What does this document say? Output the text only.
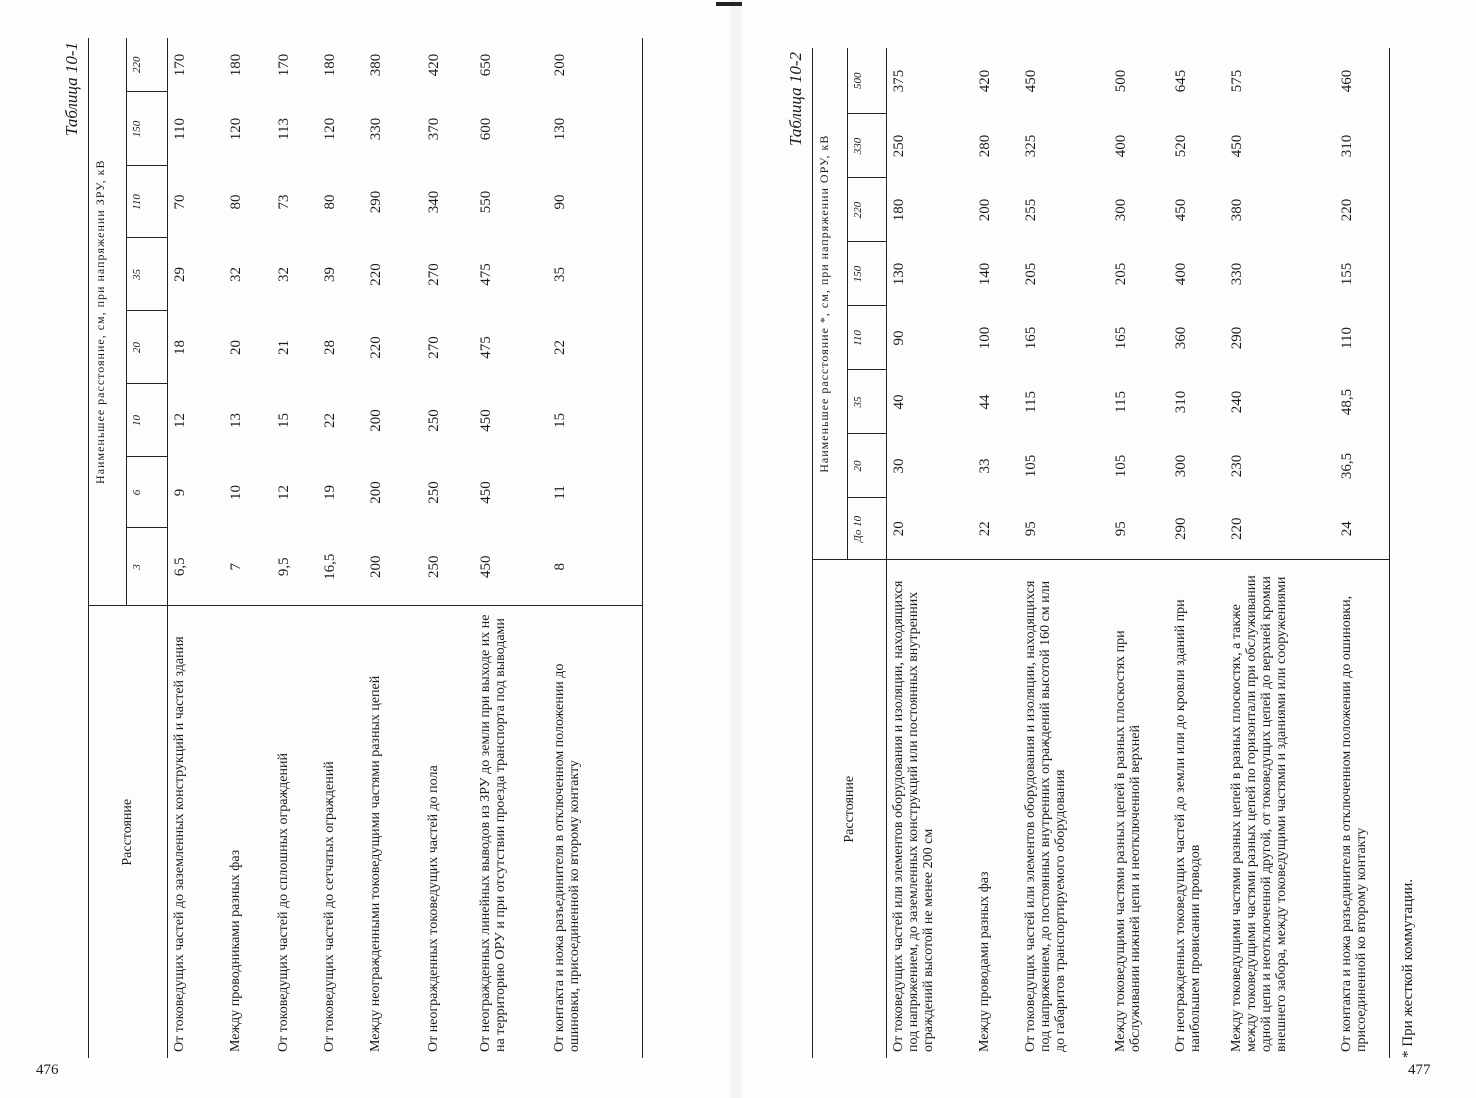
476
Таблица 10-1
Расстояние	Наименьшее расстояние, см, при напряжении ЗРУ, кВ							
	3	6	10	20	35	110	150	220
От токоведущих частей до заземленных конструкций и частей здания	6,5	9	12	18	29	70	110	170
Между проводниками разных фаз	7	10	13	20	32	80	120	180
От токоведущих частей до сплошных ограждений	9,5	12	15	21	32	73	113	170
От токоведущих частей до сетчатых ограждений	16,5	19	22	28	39	80	120	180
Между неогражденными токоведущими частями разных цепей	200	200	200	220	220	290	330	380
От неогражденных токоведущих частей до пола	250	250	250	270	270	340	370	420
От неогражденных линейных выводов из ЗРУ до земли при выходе их не на территорию ОРУ и при отсутствии проезда транспорта под выводами	450	450	450	475	475	550	600	650
От контакта и ножа разъединителя в отключенном положении до ошиновки, присоединенной ко второму контакту	8	11	15	22	35	90	130	200
477
Таблица 10-2
Расстояние	Наименьшее расстояние *, см, при напряжении ОРУ, кВ							
	До 10	20	35	110	150	220	330	500
От токоведущих частей или элементов оборудования и изоляции, находящихся под напряжением, до заземленных конструкций или постоянных внутренних ограждений высотой не менее 200 см	20	30	40	90	130	180	250	375
Между проводами разных фаз	22	33	44	100	140	200	280	420
От токоведущих частей или элементов оборудования и изоляции, находящихся под напряжением, до постоянных внутренних ограждений высотой 160 см или до габаритов транспортируемого оборудования	95	105	115	165	205	255	325	450
Между токоведущими частями разных цепей в разных плоскостях при обслуживании нижней цепи и неотключенной верхней	95	105	115	165	205	300	400	500
От неогражденных токоведущих частей до земли или до кровли зданий при наибольшем провисании проводов	290	300	310	360	400	450	520	645
Между токоведущими частями разных цепей в разных плоскостях, а также между токоведущими частями разных цепей по горизонтали при обслуживании одной цепи и неотключенной другой, от токоведущих цепей до верхней кромки внешнего забора, между токоведущими частями и зданиями или сооружениями	220	230	240	290	330	380	450	575
От контакта и ножа разъединителя в отключенном положении до ошиновки, присоединенной ко второму контакту	24	36,5	48,5	110	155	220	310	460
* При жесткой коммутации.
